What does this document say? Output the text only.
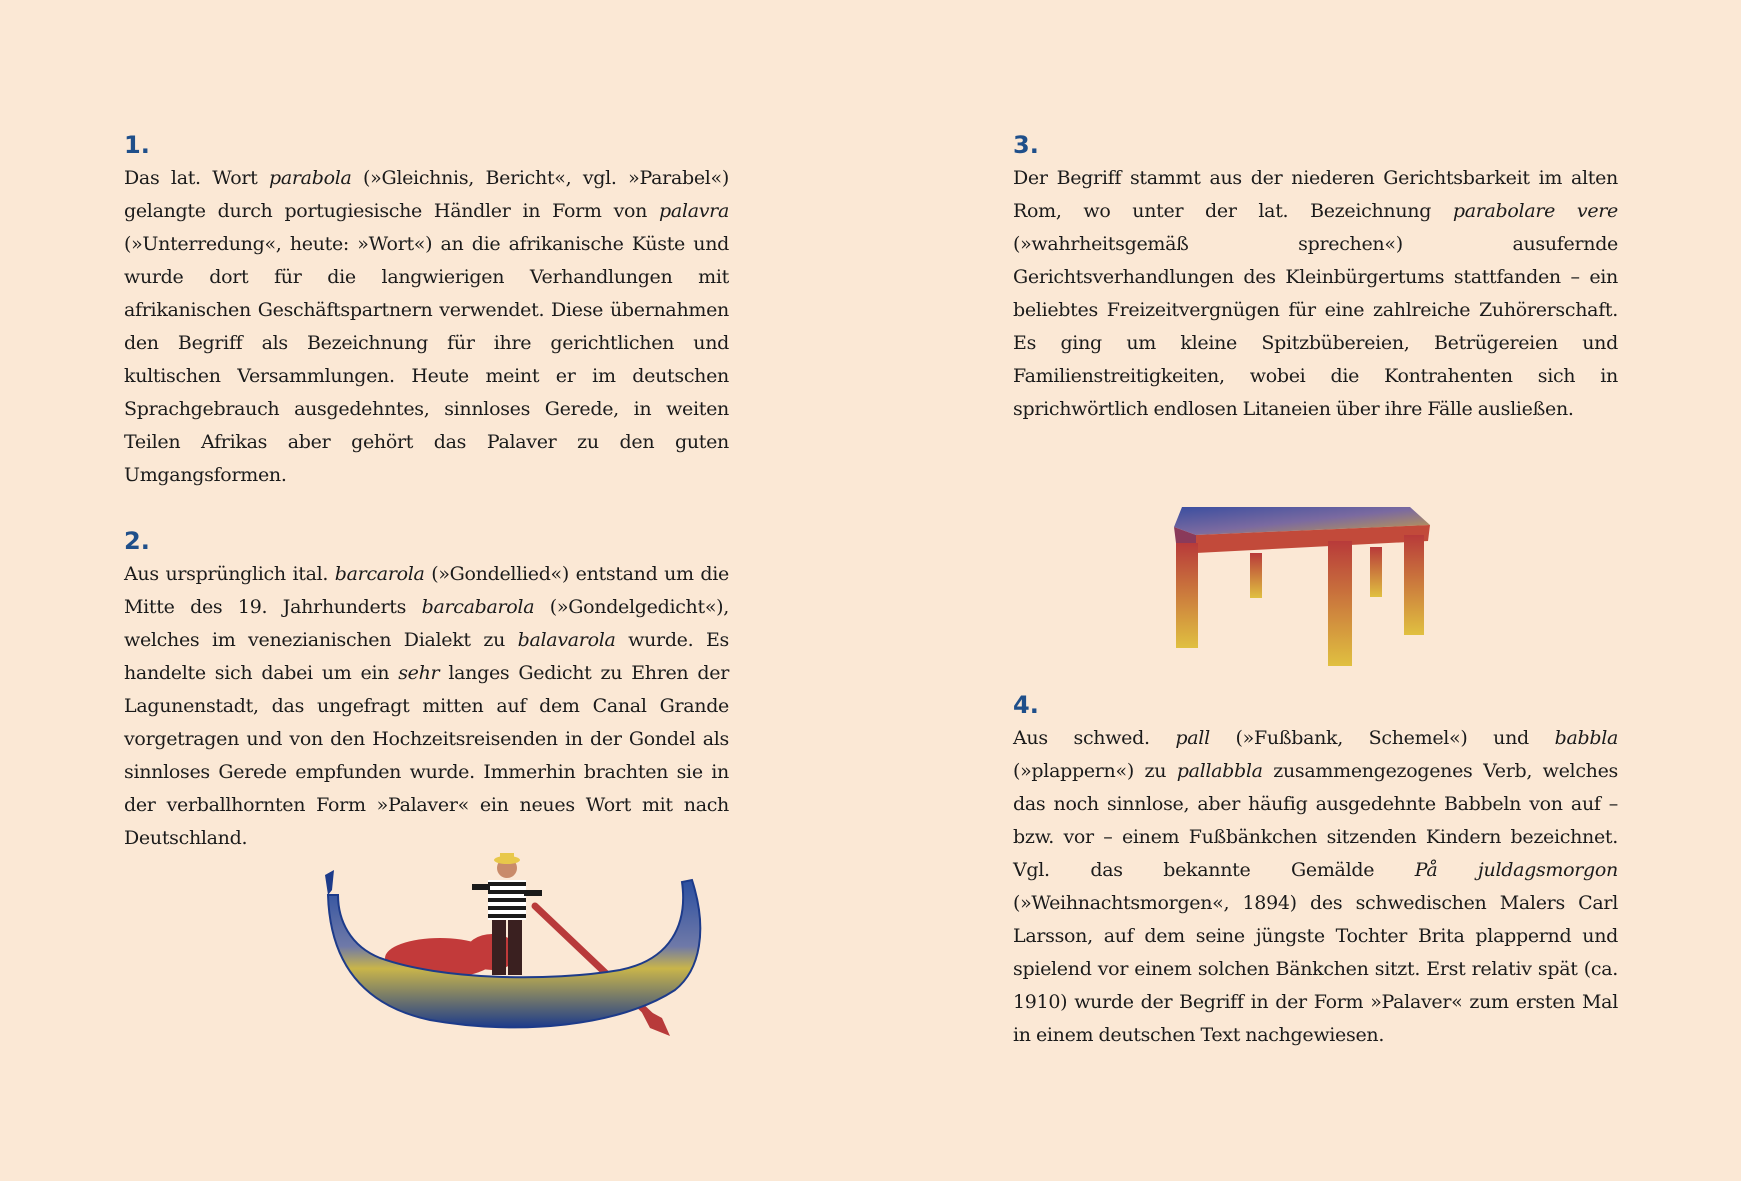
1.

Das lat. Wort parabola (»Gleichnis, Bericht«, vgl. »Parabel«) gelangte durch portugiesische Händler in Form von palavra (»Unterredung«, heute: »Wort«) an die afrikanische Küste und wurde dort für die langwierigen Verhandlungen mit afrikanischen Geschäftspartnern verwendet. Diese übernahmen den Begriff als Bezeichnung für ihre gerichtlichen und kultischen Versammlungen. Heute meint er im deutschen Sprachgebrauch ausgedehntes, sinnloses Gerede, in weiten Teilen Afrikas aber gehört das Palaver zu den guten Umgangsformen.

2.

Aus ursprünglich ital. barcarola (»Gondellied«) entstand um die Mitte des 19. Jahrhunderts barcabarola (»Gondelgedicht«), welches im venezianischen Dialekt zu balavarola wurde. Es handelte sich dabei um ein sehr langes Gedicht zu Ehren der Lagunenstadt, das ungefragt mitten auf dem Canal Grande vorgetragen und von den Hochzeitsreisenden in der Gondel als sinnloses Gerede empfunden wurde. Immerhin brachten sie in der verballhornten Form »Palaver« ein neues Wort mit nach Deutschland.

3.

Der Begriff stammt aus der niederen Gerichtsbarkeit im alten Rom, wo unter der lat. Bezeichnung parabolare vere (»wahrheitsgemäß sprechen«) ausufernde Gerichtsverhandlungen des Kleinbürgertums stattfanden – ein beliebtes Freizeitvergnügen für eine zahlreiche Zuhörerschaft. Es ging um kleine Spitzbübereien, Betrügereien und Familienstreitigkeiten, wobei die Kontrahenten sich in sprichwörtlich endlosen Litaneien über ihre Fälle ausließen.

4.

Aus schwed. pall (»Fußbank, Schemel«) und babbla (»plappern«) zu pallabbla zusammengezogenes Verb, welches das noch sinnlose, aber häufig ausgedehnte Babbeln von auf – bzw. vor – einem Fußbänkchen sitzenden Kindern bezeichnet. Vgl. das bekannte Gemälde På juldagsmorgon (»Weihnachtsmorgen«, 1894) des schwedischen Malers Carl Larsson, auf dem seine jüngste Tochter Brita plappernd und spielend vor einem solchen Bänkchen sitzt. Erst relativ spät (ca. 1910) wurde der Begriff in der Form »Palaver« zum ersten Mal in einem deutschen Text nachgewiesen.
